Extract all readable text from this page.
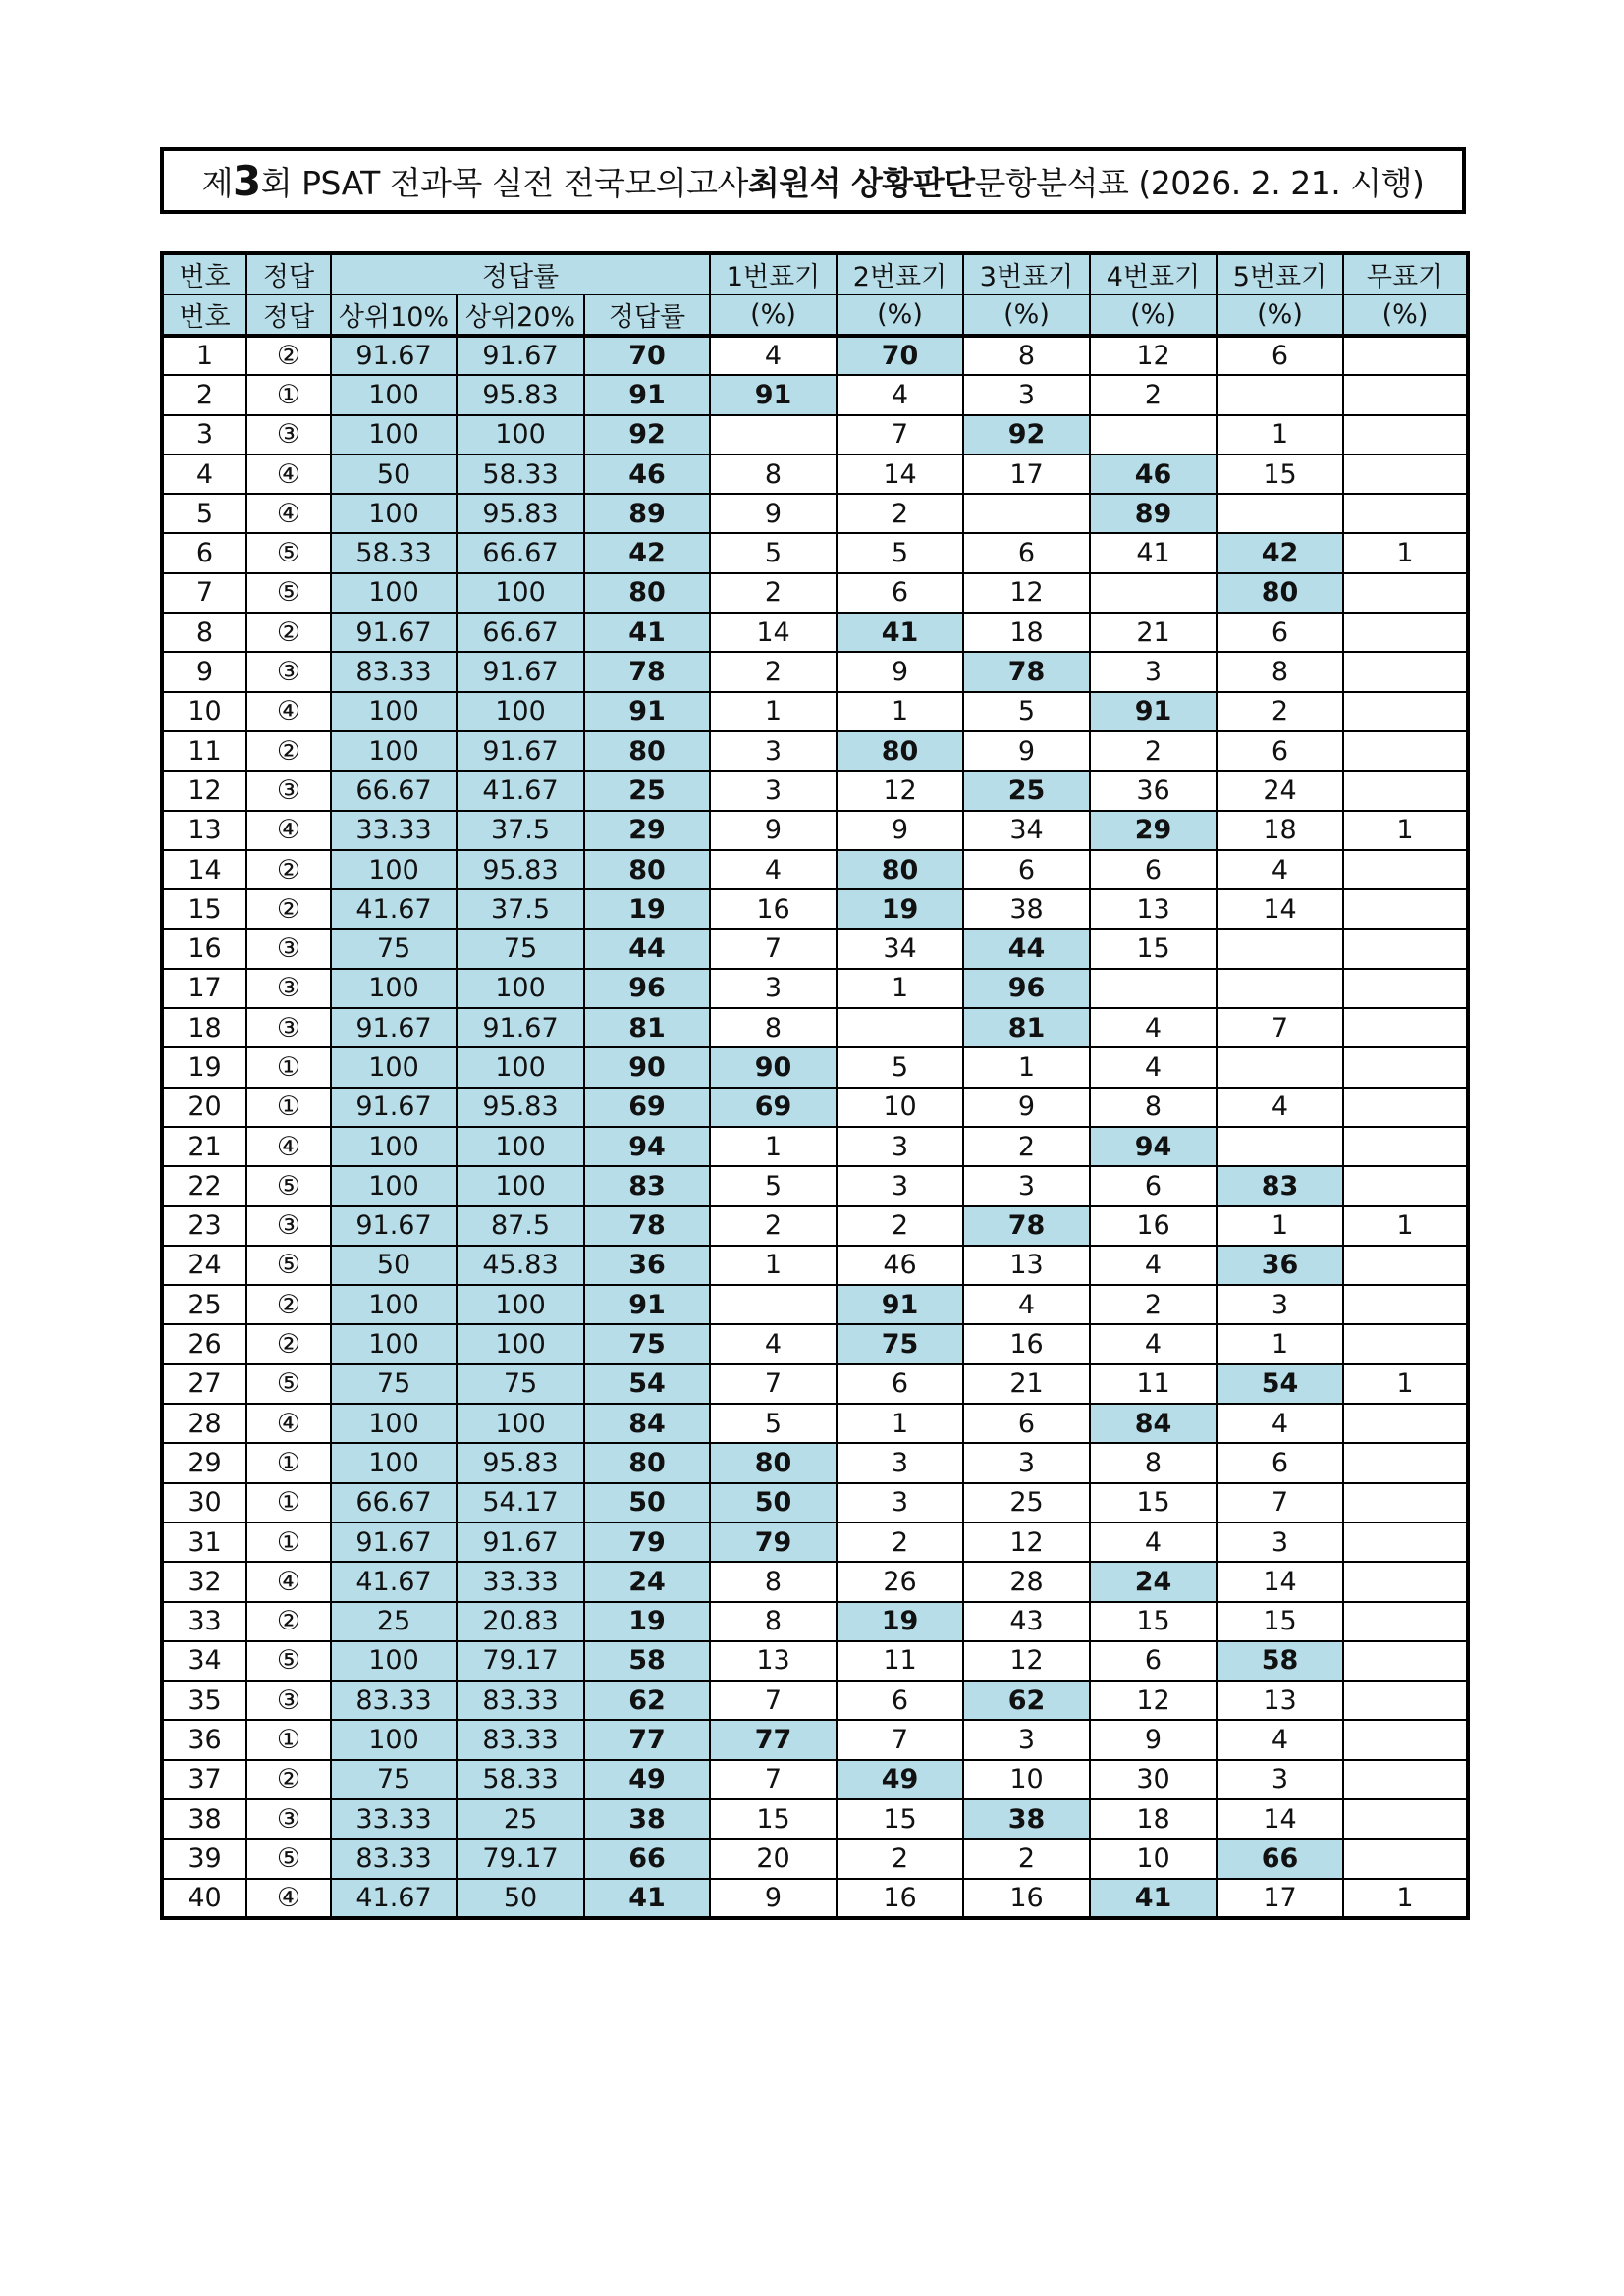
제 3 회 PSAT 전과목 실전 전국모의고사 최원석 상황판단 문항분석표 (2026. 2. 21. 시행)
번호	정답	정답률			1번표기	2번표기	3번표기	4번표기	5번표기	무표기
번호	정답	상위10%	상위20%	정답률	(%)	(%)	(%)	(%)	(%)	(%)
1	②	91.67	91.67	70	4	70	8	12	6	
2	①	100	95.83	91	91	4	3	2		
3	③	100	100	92		7	92		1	
4	④	50	58.33	46	8	14	17	46	15	
5	④	100	95.83	89	9	2		89		
6	⑤	58.33	66.67	42	5	5	6	41	42	1
7	⑤	100	100	80	2	6	12		80	
8	②	91.67	66.67	41	14	41	18	21	6	
9	③	83.33	91.67	78	2	9	78	3	8	
10	④	100	100	91	1	1	5	91	2	
11	②	100	91.67	80	3	80	9	2	6	
12	③	66.67	41.67	25	3	12	25	36	24	
13	④	33.33	37.5	29	9	9	34	29	18	1
14	②	100	95.83	80	4	80	6	6	4	
15	②	41.67	37.5	19	16	19	38	13	14	
16	③	75	75	44	7	34	44	15		
17	③	100	100	96	3	1	96			
18	③	91.67	91.67	81	8		81	4	7	
19	①	100	100	90	90	5	1	4		
20	①	91.67	95.83	69	69	10	9	8	4	
21	④	100	100	94	1	3	2	94		
22	⑤	100	100	83	5	3	3	6	83	
23	③	91.67	87.5	78	2	2	78	16	1	1
24	⑤	50	45.83	36	1	46	13	4	36	
25	②	100	100	91		91	4	2	3	
26	②	100	100	75	4	75	16	4	1	
27	⑤	75	75	54	7	6	21	11	54	1
28	④	100	100	84	5	1	6	84	4	
29	①	100	95.83	80	80	3	3	8	6	
30	①	66.67	54.17	50	50	3	25	15	7	
31	①	91.67	91.67	79	79	2	12	4	3	
32	④	41.67	33.33	24	8	26	28	24	14	
33	②	25	20.83	19	8	19	43	15	15	
34	⑤	100	79.17	58	13	11	12	6	58	
35	③	83.33	83.33	62	7	6	62	12	13	
36	①	100	83.33	77	77	7	3	9	4	
37	②	75	58.33	49	7	49	10	30	3	
38	③	33.33	25	38	15	15	38	18	14	
39	⑤	83.33	79.17	66	20	2	2	10	66	
40	④	41.67	50	41	9	16	16	41	17	1
